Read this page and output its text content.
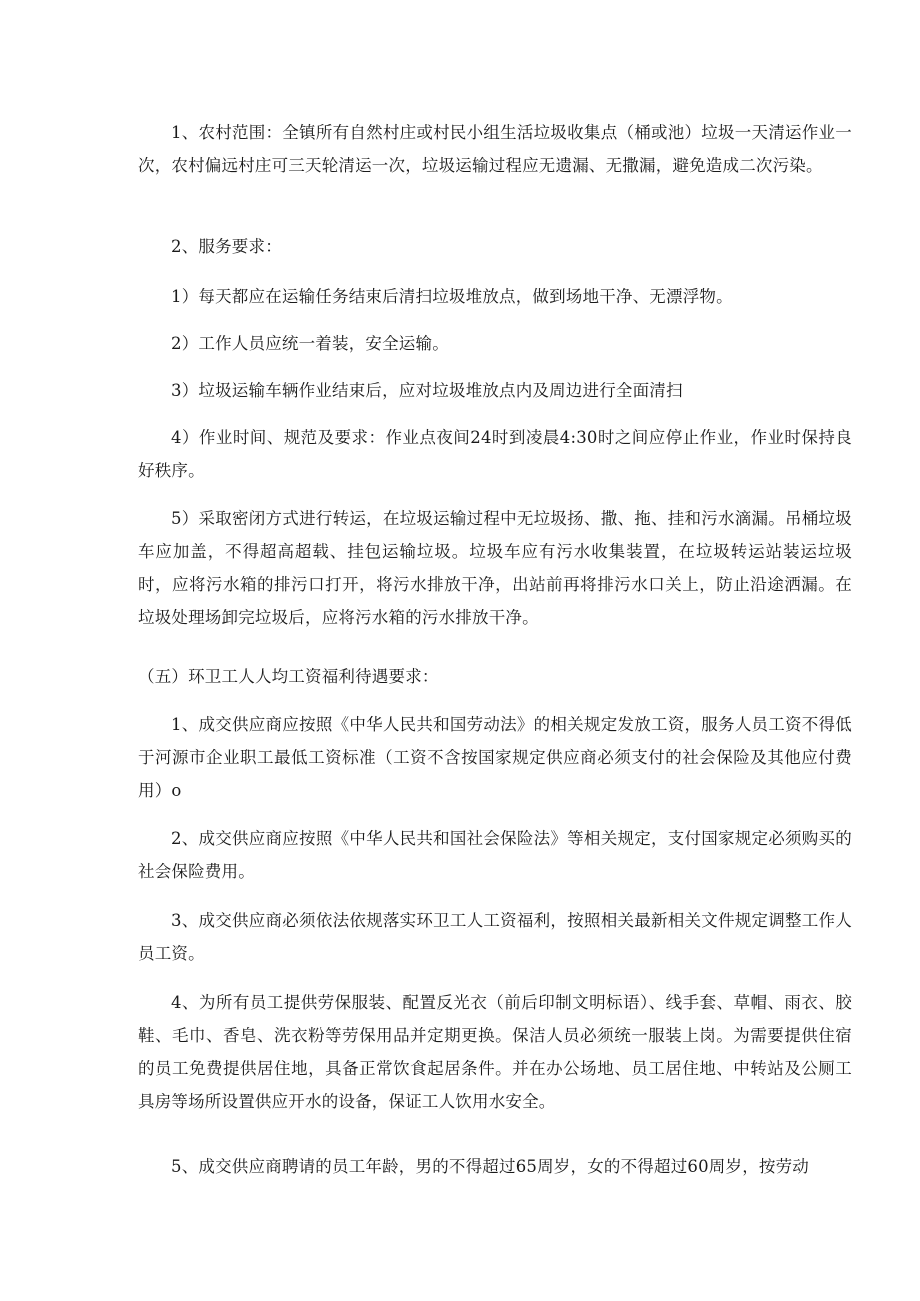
1、农村范围：全镇所有自然村庄或村民小组生活垃圾收集点（桶或池）垃圾一天清运作业一次，农村偏远村庄可三天轮清运一次，垃圾运输过程应无遗漏、无撒漏，避免造成二次污染。

2、服务要求：

1）每天都应在运输任务结束后清扫垃圾堆放点，做到场地干净、无漂浮物。

2）工作人员应统一着装，安全运输。

3）垃圾运输车辆作业结束后，应对垃圾堆放点内及周边进行全面清扫

4）作业时间、规范及要求：作业点夜间24时到凌晨4:30时之间应停止作业，作业时保持良好秩序。

5）采取密闭方式进行转运，在垃圾运输过程中无垃圾扬、撒、拖、挂和污水滴漏。吊桶垃圾车应加盖，不得超高超载、挂包运输垃圾。垃圾车应有污水收集装置，在垃圾转运站装运垃圾时，应将污水箱的排污口打开，将污水排放干净，出站前再将排污水口关上，防止沿途洒漏。在垃圾处理场卸完垃圾后，应将污水箱的污水排放干净。

（五）环卫工人人均工资福利待遇要求：

1、成交供应商应按照《中华人民共和国劳动法》的相关规定发放工资，服务人员工资不得低于河源市企业职工最低工资标准（工资不含按国家规定供应商必须支付的社会保险及其他应付费用）o

2、成交供应商应按照《中华人民共和国社会保险法》等相关规定，支付国家规定必须购买的社会保险费用。

3、成交供应商必须依法依规落实环卫工人工资福利，按照相关最新相关文件规定调整工作人员工资。

4、为所有员工提供劳保服装、配置反光衣（前后印制文明标语）、线手套、草帽、雨衣、胶鞋、毛巾、香皂、洗衣粉等劳保用品并定期更换。保洁人员必须统一服装上岗。为需要提供住宿的员工免费提供居住地，具备正常饮食起居条件。并在办公场地、员工居住地、中转站及公厕工具房等场所设置供应开水的设备，保证工人饮用水安全。

5、成交供应商聘请的员工年龄，男的不得超过65周岁，女的不得超过60周岁，按劳动
